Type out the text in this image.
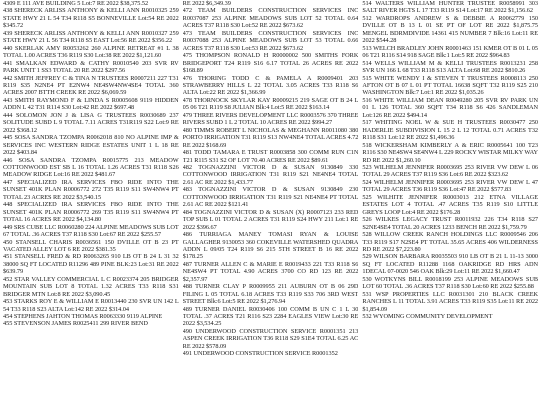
4309 E 111 AVE BUILDING 5 Lot:7 RE 2022 $38,375.52

438 SHERECK ARLISS ANTHONY & KELLI ANN R0010325 259 STATE HWY 21 L 54 T34 R118 S5 BONNEVILLE Lot:54 RE 2022 $345.72

439 SHERECK ARLISS ANTHONY & KELLI ANN R0010327 259 STATE HWY 21 L 56 T34 R118 S5 EAST Lot:56 RE 2022 $356.22

440 SKERLAK AMY R0053262 260 ALPINE RETREAT #1 L 38 TOTAL 1.00 ACRES T36 R119 S30 Lot:38 RE 2022 $1,121.60

441 SMALKAN EDWARD & CATHY R0010540 203 SVR RV PARK UNIT 1 SS3 TOTAL 20 RE 2022 $297.56

442 SMITH JEFFREY C & TINA N TRUSTEES R0007211 227 T31 R119 S35 N2NE4 PT E2NW4 NE4SW4NW4SE4 TOTAL 360 ACRES 2007 BTTH CREEK RE 2022 $6,069.59

443 SMITH RAYMOND F & LINDA S R0005608 9119 HIDDEN ADDN L 42 T31 R114 S30 Lot:42 RE 2022 $697.48

444 SOLOMON JON J & LISA G TRUSTEES R0030689 237 SOLITUDE SUBD L 9 TOTAL 7.11 ACRES T31R119 S22 Lot:9 RE 2022 $368.12

445 SOSA SANDRA TZOMPA R0062018 810 NO ALPINE IMP & SERVICES INC WESTERN RIDGE ESTATES UNIT 1 L 18 RE 2022 $403.84

446 SOSA SANDRA TZOMPA R0015775 213 MEADOW COTTONWOOD EST SB L 16 TOTAL 1.26 ACRES T31 R118 S26 MEADOW RIDGE Lot:16 RE 2022 $481.67

447 SPECIALIZED IRA SERVICES FBO RIDE INTO THE SUNSET 401K PLAN R0006772 272 T35 R119 S11 SW4NW4 PT TOTAL 23 ACRES RE 2022 $3,540.15

448 SPECIALIZED IRA SERVICES FBO RIDE INTO THE SUNSET 401K PLAN R0006772 269 T35 R119 S11 SW4NW4 PT TOTAL 16 ACRES RE 2022 $4,134.80

449 SRS CUBE LLC R0060280 224 ALPINE MEADOWS SUB LOT 67 TOTAL .36 ACRES T37 R118 S30 Lot:67 RE 2022 $255.57

450 STANSELL CHARIS R0036561 150 DVILLE OT B 23 PT VACATED ALLEY LOT 6 RE 2022 $381.35

451 STANSELL FRED & RD R0063265 910 LB OT B 24 L 31 32 38000 SQ FT LOCATED R11296 489 PINE BLK:23 Lot:31 RE 2022 $639.79

452 STAR VALLEY COMMERCIAL L C R0023374 205 BRIDGER MOUNTAIN SUB LOT 8 TOTAL 1.32 ACRES T33 R118 S31 BRIDGER MTN Lot:8 RE 2022 $3,090.45

453 STARKS ROY E & WILLIAM E R0013440 230 SVR UN 142 L 54 T33 R118 S23 ALTA Lot:142 RE 2022 $314.04

454 STEPHENS JAHTON THOMAS R0063330 9119 ALPINE

455 STEVENSON JAMES R0025411 299 RIVER BEND

RE 2022 $6,349.39

472 TEAM BUILDERS CONSTRUCTION SERVICES INC R0037087 253 ALPINE MEADOWS SUB LOT 52 TOTAL 0.64 ACRES T37 R118 S30 Lot:52 RE 2022 $673.62

473 TEAM BUILDERS CONSTRUCTION SERVICES INC R0037088 253 ALPINE MEADOWS SUB LOT 53 TOTAL 0.66 ACRES T37 R118 S30 Lot:53 RE 2022 $673.62

475 THOMPSON RONALD H R0000002 500 SMITHS FORK BRIDGEPORT T24 R119 S16 6.17 TOTAL 26 ACRES RE 2022 $168.89

476 THORING TODD C & PAMELA A R0009401 203 STRAWBERRY HILLS L 22 TOTAL 3.05 ACRES T33 R118 S6 ALTA Lot:22 RE 2022 $1,366.99

478 THORNOCK SKYLAR KAY R0009215 219 SAGE OT B 24 L 05 06 T21 R119 S8 JULIAN Blk:4 Lot:5 RE 2022 $163.14

479 THREE RIVERS DEVELOPMENT LLC R0003576 370 THREE RIVERS SUBD 1 L 2 TOTAL 10 ACRES RE 2022 $994.27

480 TIMMS ROBERT L NICHOLAS & MEGHANN R0011080 380 PORTO IRRIGATION T31 R119 S13 NW4NE4 TOTAL ACRES 4.72 RE 2022 $168.69

481 TODD TAMARA E TRUST R0003858 300 COMM RUN C1N T21 R115 S31 S2 OF LOT 70.40 ACRES RE 2022 $89.61

482 TOGNAZZINI VICTOR D & SUSAN 9130849 330 COTTONWOOD IRRIGATION T31 R119 S21 NE4NE4 TOTAL 2.61 AC RE 2022 $1,433.77

483 TOGNAZZINI VICTOR D & SUSAN 9130849 230 COTTONWOOD IRRIGATION T31 R119 S21 NE4NE4 PT TOTAL 2.61 AC RE 2022 $121.41

484 TOGNAZZINI VICTOR D & SUSAN (X) R0007123 233 RED TOP SUB L 01 TOTAL 2 ACRES T31 R119 S24 HWY 211 Lot:1 RE 2022 $396.67

486 TURRIAGA MANEY TOMASI RYAN & LOUISE GALLAGHER 9130053 360 COKEVILLE WATERSHED QUADRA ADDN L 09/05 T24 R119 S6 215 5TH STREET B 16 RE 2022 $178.25

487 TURNER ALLEN C & MARIE E R0019433 221 T33 R118 S6 NE4SW4 PT TOTAL 4.90 ACRES 3700 CO RD 123 RE 2022 $2,357.97

488 TURNER CLAY P R0009955 211 AUBURN OT B 06 29D FILING L 05 TOTAL 6.18 ACRES T33 R119 S33 706 3RD WEST STREET Blk:6 Lot:5 RE 2022 $1,276.94

489 TURNER DANIEL R0030406 100 COMM B UN C 1 L 30 TOTAL .37 ACRES T21 R116 S23 2284 EAGLES VIEW Lot:30 RE 2022 $3,534.25

490 UNDERWOOD CONSTRUCTION SERVICE R0001351 213 ASPEN CREEK IRRIGATION T36 R118 S29 S1E4 TOTAL 6.25 AC RE 2022 $578.09

491 UNDERWOOD CONSTRUCTION SERVICE R0001352

514 WALTERS WILLIAM HUNTER TRUSTEE R0058991 303 SALT RIVER HGTS L 17 T33 R119 S14 Lot:17 RE 2022 $1,156.62

512 WARDROPS ANDREW S & DEBBIE A R0062779 150 DVILLE OT B 13 L 01 SE PT OF LOT RE 2022 $1,875.75 MENGEL BDRMDIVIDE 14361 415 NUMBER 7 Blk:16 Lot:11 RE 2022 $544.28

513 WELCH BRADLEY JOHN R0001463 151 KMER OT B 01 L 05 06 T21 R116 S14 918 SAGE Blk:1 Lot:5 RE 2022 $964.83

514 WELLS WILLIAM M & KELLI TRUSTEES R0013231 258 SVR UN 166 L 68 T33 R118 S13 ALTA Lot:68 RE 2022 $810.26

515 WHITE WENDY I & STEVEN T TRUSTEES R0008113 250 AFTON OT B 07 L 01 PT TOTAL 16638 SQFT T32 R119 S25 210 WASHINGTON Blk:7 Lot:1 RE 2022 $1,035.26

516 WHITE WILLIAM DEAN R0049280 205 SVR RV PARK UN 01 L 126 TOTAL 360 SQFT T34 R118 S6 426 SANDLEMAN Lot:126 RE 2022 $494.14

517 WHITING NOEL W & SUE H TRUSTEES R0030477 250 HADERLIE SUBDIVISION L 15 2 L 12 TOTAL 0.71 ACRES T32 R118 S31 Lot:12 RE 2022 $1,496.36

518 WICKERSHAM KIMBERLY A & ERIC R0005641 100 T23 R116 S30 NE4SW4 SE4NW4 L 229 ROCKY WISTAR MILKY WAY RD RE 2022 $1,260.10

523 WILHELM JENNIFER R0003695 253 RIVER VW DEW L 06 TOTAL 29 ACRES T37 R119 S36 Lot:6 RE 2022 $323.62

524 WILHELM JENNIFER R0003695 253 RIVER VW DEW L 47 TOTAL 29 ACRES T36 R119 S36 Lot:47 RE 2022 $577.83

525 WILHITE JENNIFER R0003013 212 ETNA VILLAGE ESTATES LOT 4 TOTAL .47 ACRES T35 R119 S10 LITTLE GREYS LOOP Lot:4 RE 2022 $176.28

526 WILKES LEGACY TRUST R0011932 226 T34 R118 S27 S2NE4SE4 TOTAL 20 ACRES 1233 BENCH RE 2022 $1,759.79

528 WILLOW CREEK RANCH HOLDINGS LLC R0009546 206 T33 R119 S17 N2SE4 PT TOTAL 35.65 ACRES 406 WILDERNESS RD RE 2022 $7,223.80

529 WILSON BARBARA R0035503 910 LB OT B 21 L 11-13 3000 SQ FT LOCATED R11288 1168 OAKRIDGE RD HRS ADN 1DECAL 07-0020 546 OAK Blk:29 Lot:11 RE 2022 $1,660.47

530 WOTKYNS BILL R0018199 253 ALPINE MEADOWS SUB LOT 60 TOTAL .36 ACRES T37 R118 S30 Lot:60 RE 2022 $255.88

531 WSP PROPERTIES LLC R0031301 210 BLACK CREEK RANCHES L 11 TOTAL 3.91 ACRES T33 R119 S35 Lot:11 RE 2022 $1,854.09

532 WYOMING COMMUNITY DEVELOPMENT
